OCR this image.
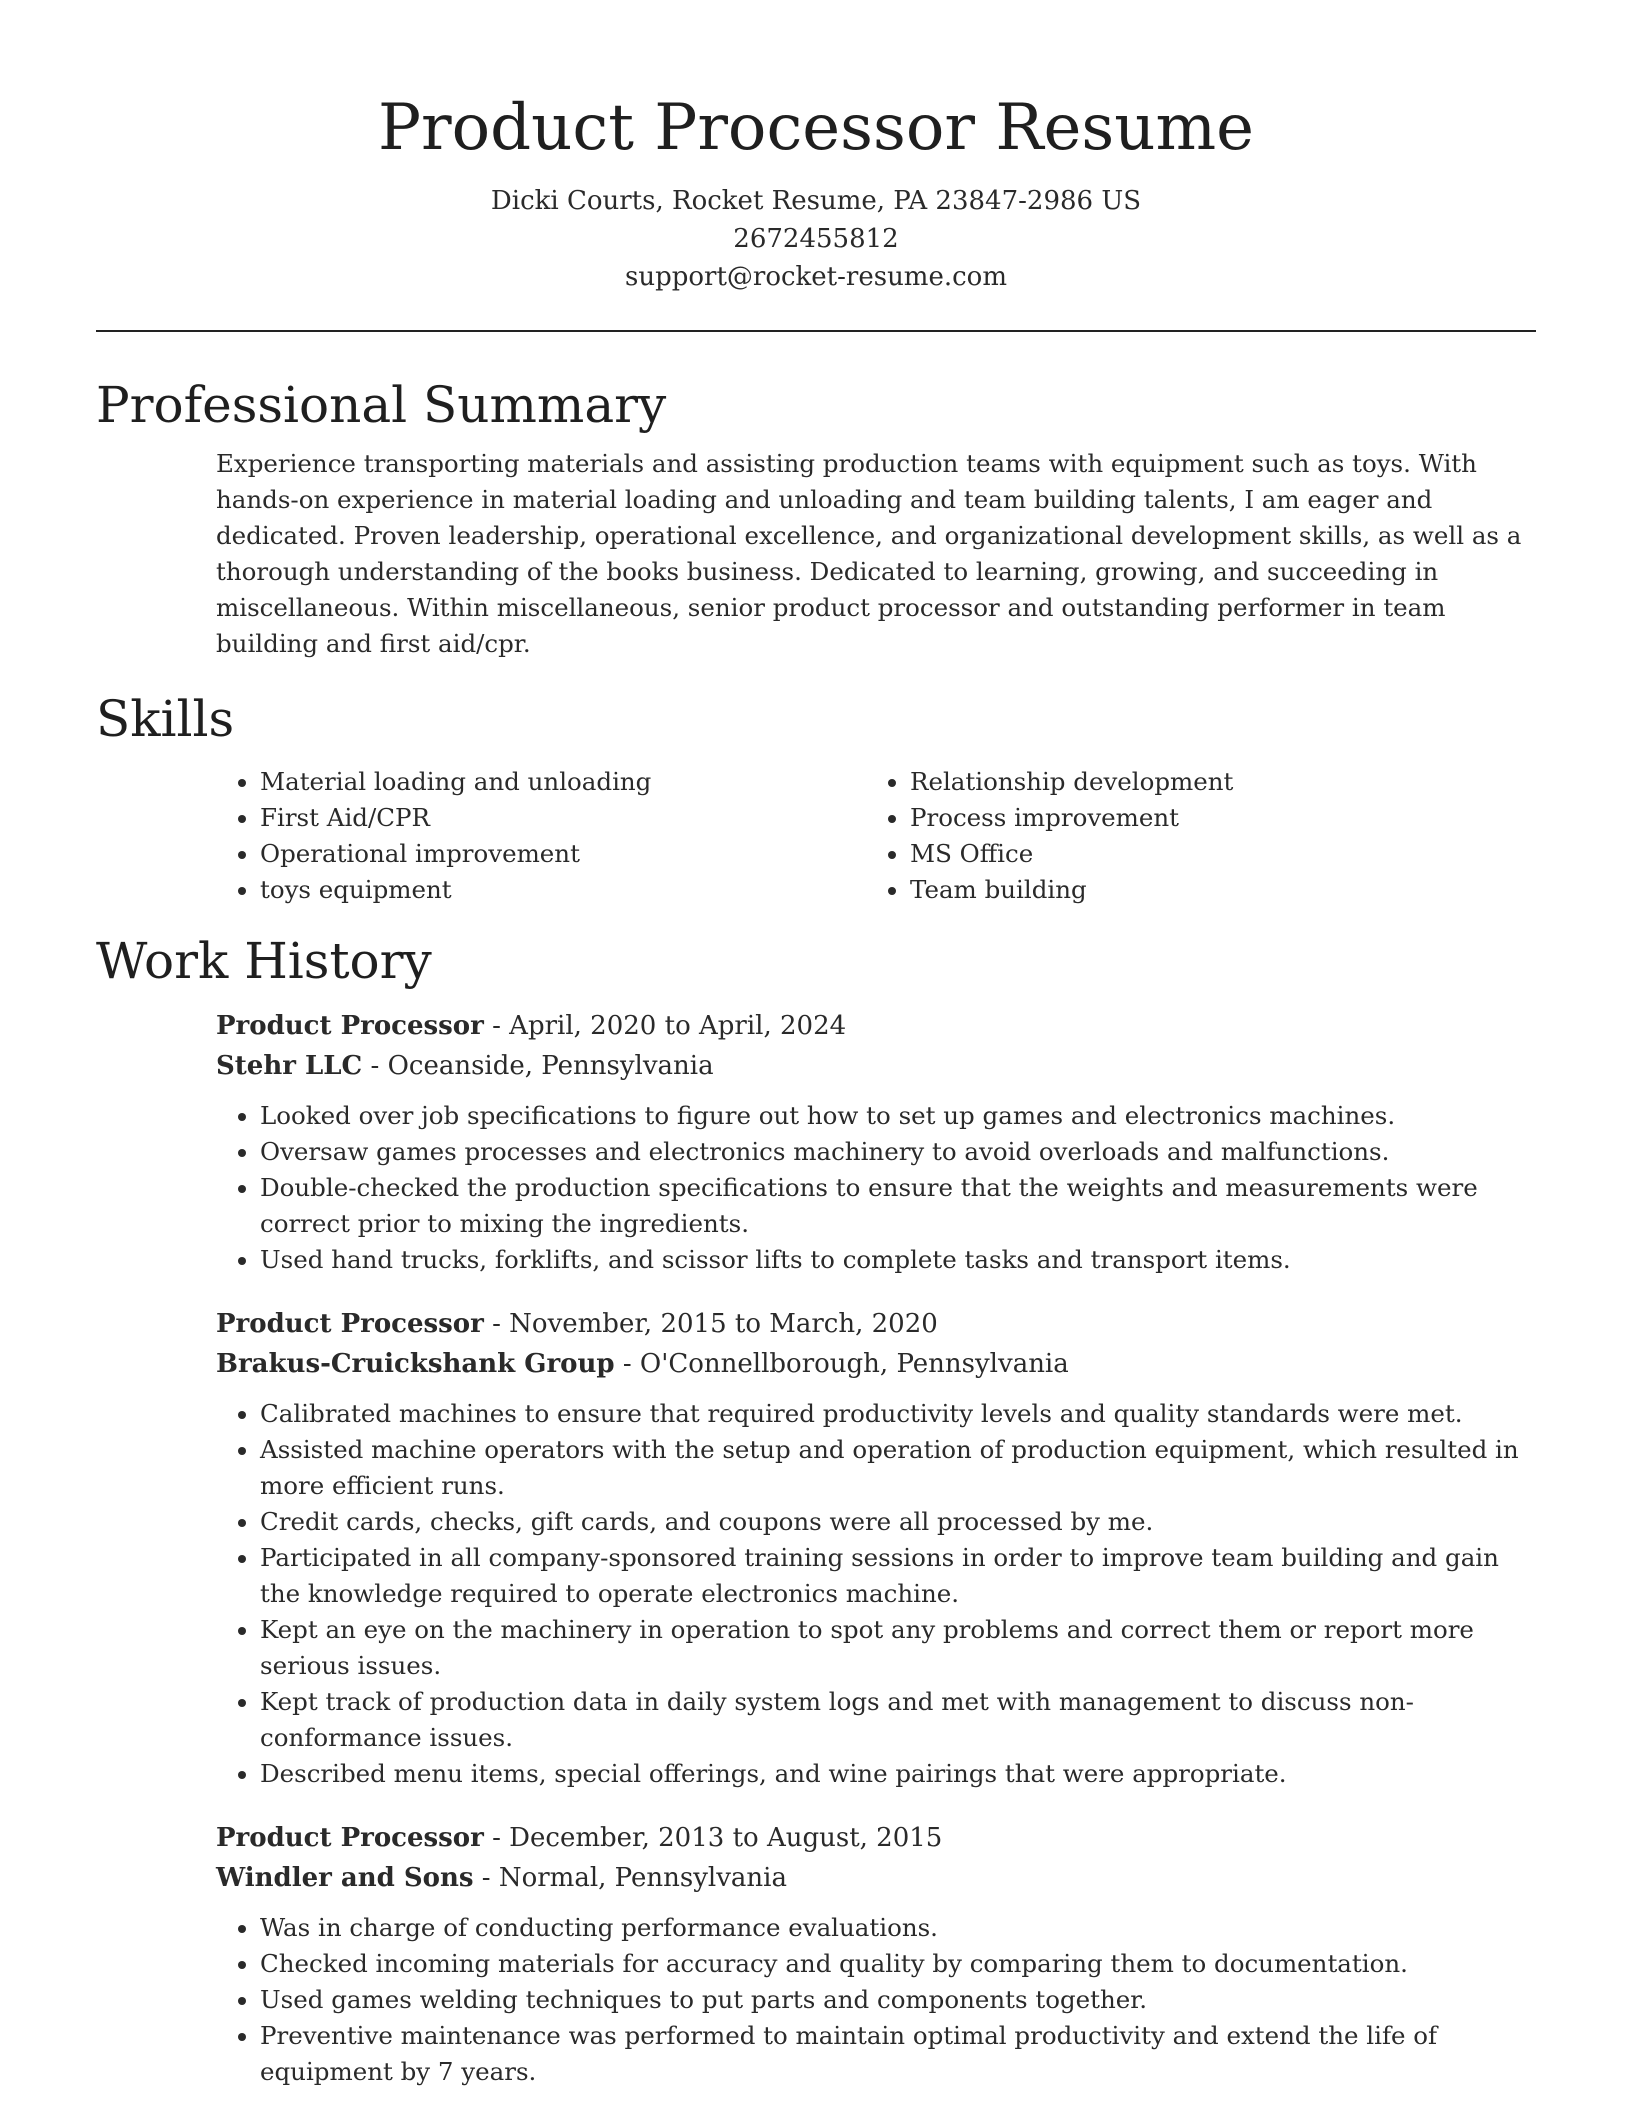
Product Processor Resume
Dicki Courts, Rocket Resume, PA 23847-2986 US
2672455812
support@rocket-resume.com
Professional Summary
Experience transporting materials and assisting production teams with equipment such as toys. With hands-on experience in material loading and unloading and team building talents, I am eager and dedicated. Proven leadership, operational excellence, and organizational development skills, as well as a thorough understanding of the books business. Dedicated to learning, growing, and succeeding in miscellaneous. Within miscellaneous, senior product processor and outstanding performer in team building and first aid/cpr.
Skills
• Material loading and unloading
• First Aid/CPR
• Operational improvement
• toys equipment
• Relationship development
• Process improvement
• MS Office
• Team building
Work History
Product Processor - April, 2020 to April, 2024
Stehr LLC - Oceanside, Pennsylvania
• Looked over job specifications to figure out how to set up games and electronics machines.
• Oversaw games processes and electronics machinery to avoid overloads and malfunctions.
• Double-checked the production specifications to ensure that the weights and measurements were correct prior to mixing the ingredients.
• Used hand trucks, forklifts, and scissor lifts to complete tasks and transport items.
Product Processor - November, 2015 to March, 2020
Brakus-Cruickshank Group - O'Connellborough, Pennsylvania
• Calibrated machines to ensure that required productivity levels and quality standards were met.
• Assisted machine operators with the setup and operation of production equipment, which resulted in more efficient runs.
• Credit cards, checks, gift cards, and coupons were all processed by me.
• Participated in all company-sponsored training sessions in order to improve team building and gain the knowledge required to operate electronics machine.
• Kept an eye on the machinery in operation to spot any problems and correct them or report more serious issues.
• Kept track of production data in daily system logs and met with management to discuss non-conformance issues.
• Described menu items, special offerings, and wine pairings that were appropriate.
Product Processor - December, 2013 to August, 2015
Windler and Sons - Normal, Pennsylvania
• Was in charge of conducting performance evaluations.
• Checked incoming materials for accuracy and quality by comparing them to documentation.
• Used games welding techniques to put parts and components together.
• Preventive maintenance was performed to maintain optimal productivity and extend the life of equipment by 7 years.
